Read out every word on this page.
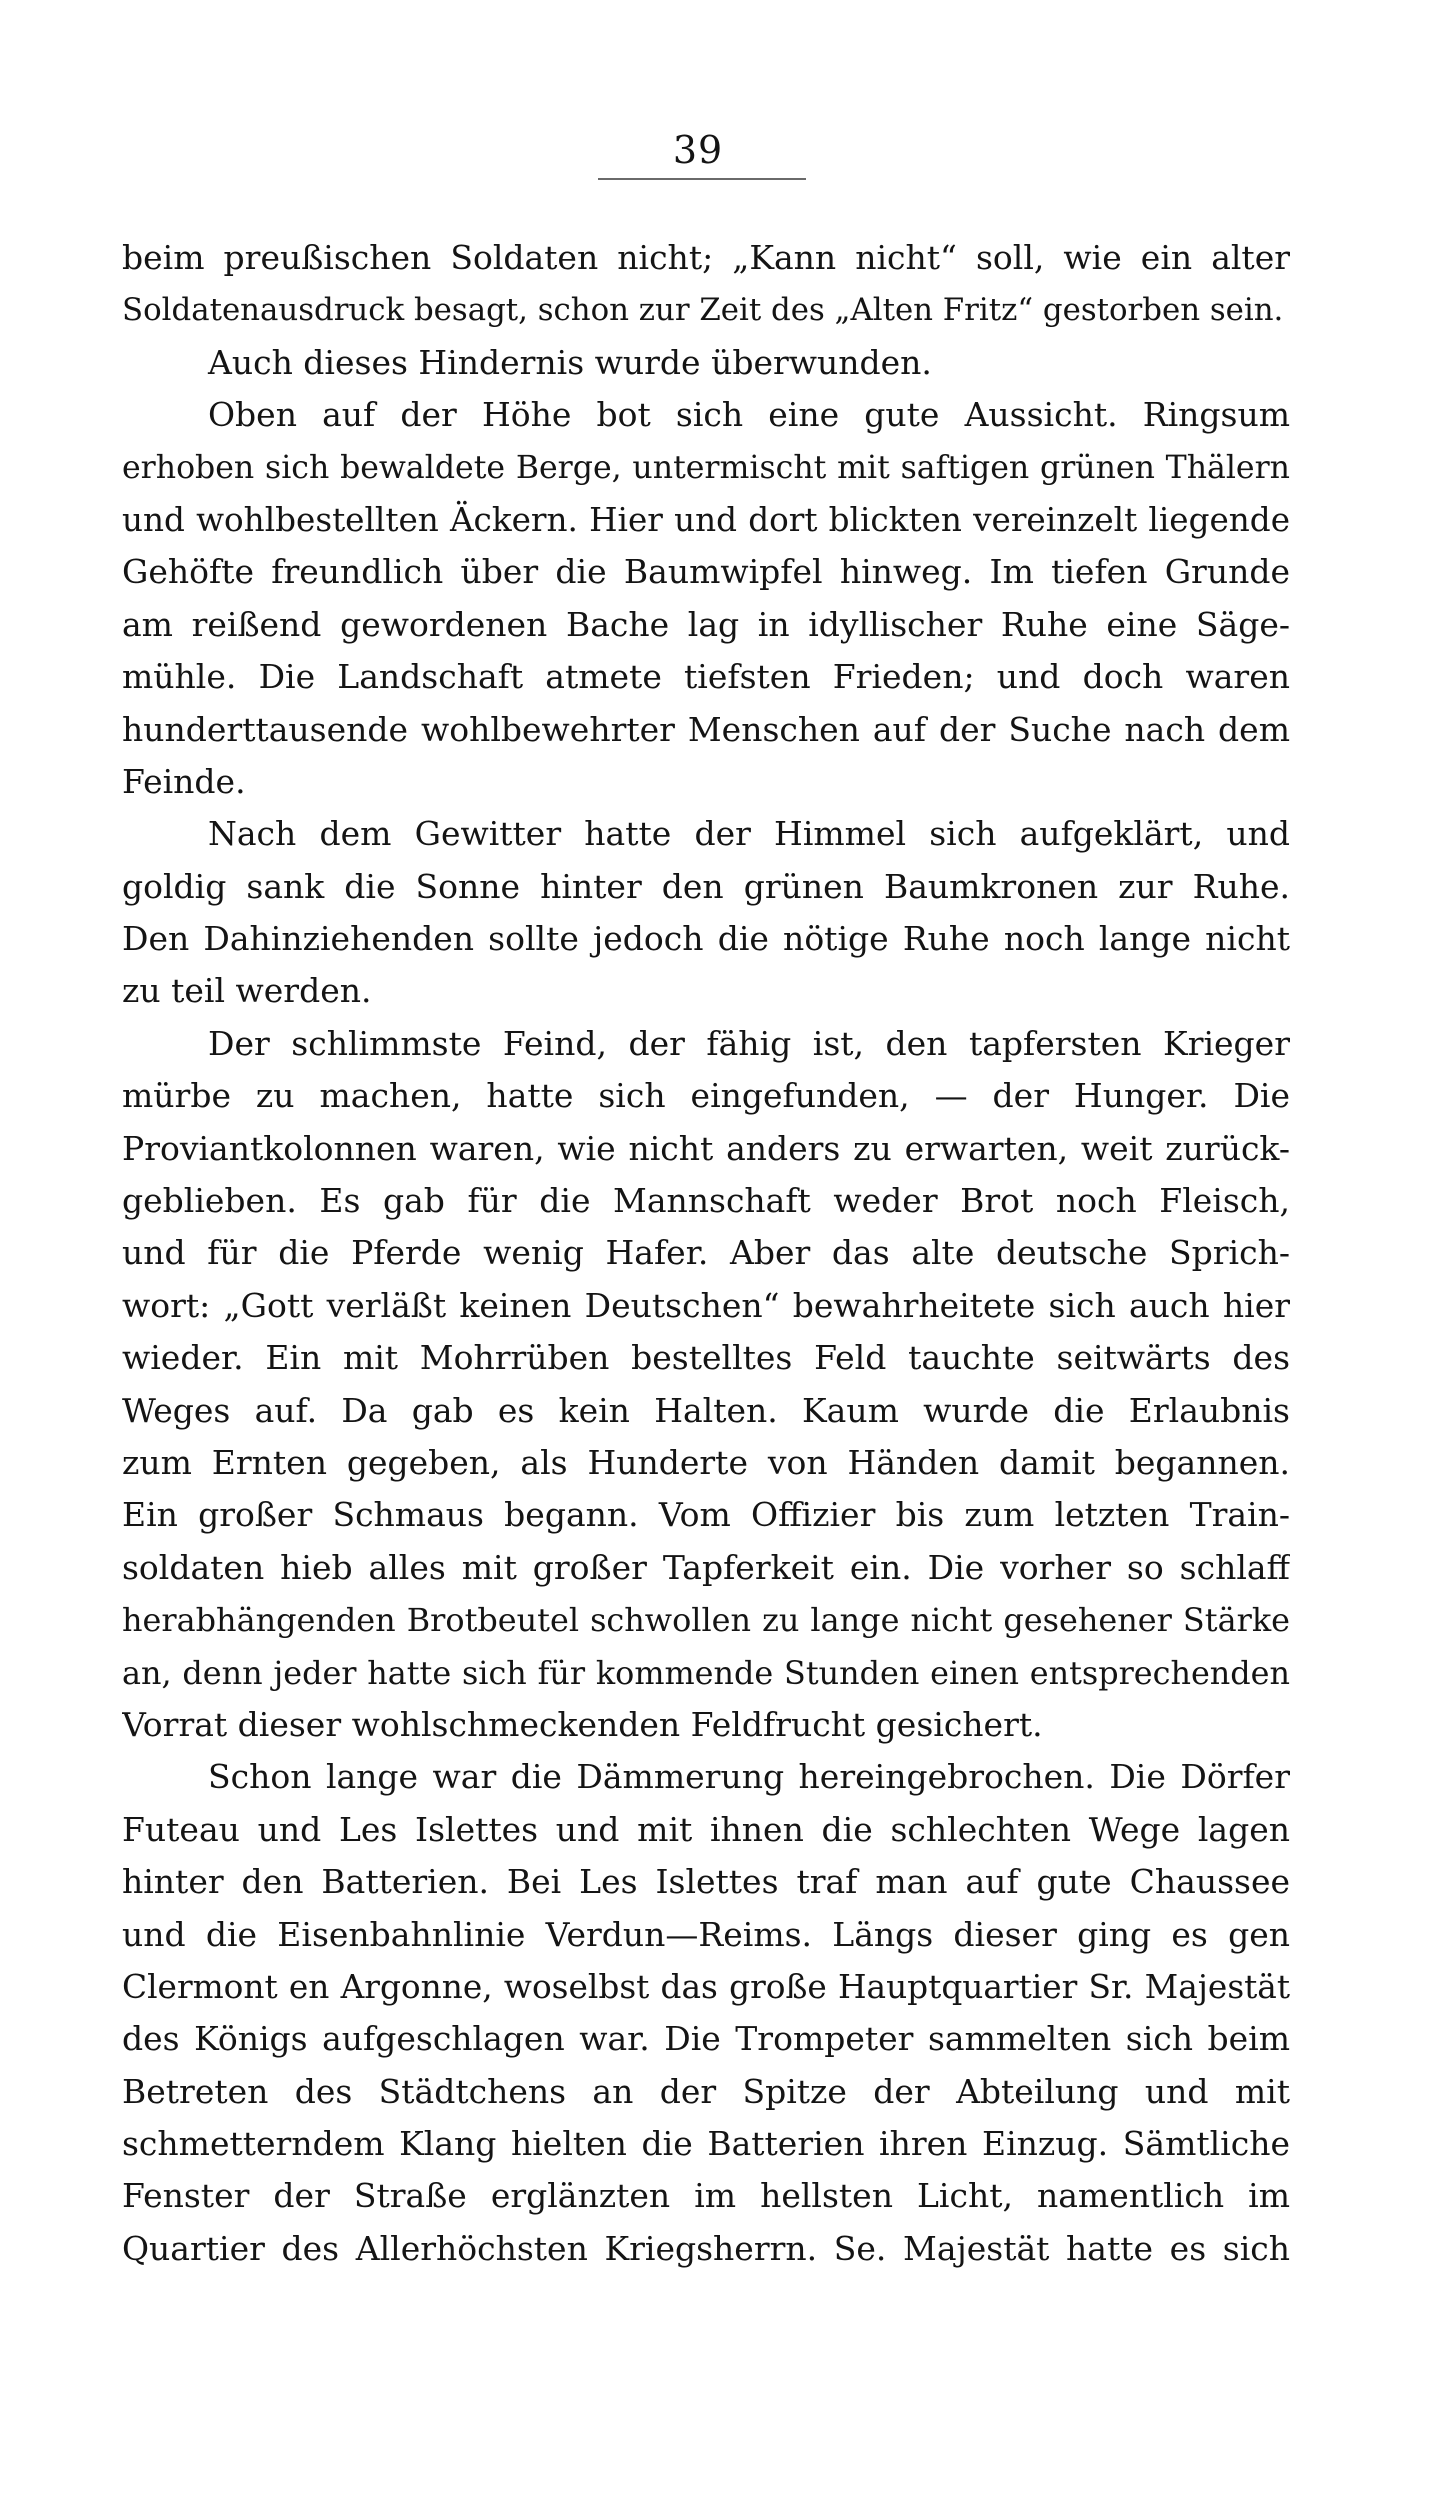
39
beim preußischen Soldaten nicht; „Kann nicht“ soll, wie ein alter
Soldatenausdruck besagt, schon zur Zeit des „Alten Fritz“ gestorben sein.
Auch dieses Hindernis wurde überwunden.
Oben auf der Höhe bot sich eine gute Aussicht. Ringsum
erhoben sich bewaldete Berge, untermischt mit saftigen grünen Thälern
und wohlbestellten Äckern. Hier und dort blickten vereinzelt liegende
Gehöfte freundlich über die Baumwipfel hinweg. Im tiefen Grunde
am reißend gewordenen Bache lag in idyllischer Ruhe eine Säge-
mühle. Die Landschaft atmete tiefsten Frieden; und doch waren
hunderttausende wohlbewehrter Menschen auf der Suche nach dem
Feinde.
Nach dem Gewitter hatte der Himmel sich aufgeklärt, und
goldig sank die Sonne hinter den grünen Baumkronen zur Ruhe.
Den Dahinziehenden sollte jedoch die nötige Ruhe noch lange nicht
zu teil werden.
Der schlimmste Feind, der fähig ist, den tapfersten Krieger
mürbe zu machen, hatte sich eingefunden, — der Hunger. Die
Proviantkolonnen waren, wie nicht anders zu erwarten, weit zurück-
geblieben. Es gab für die Mannschaft weder Brot noch Fleisch,
und für die Pferde wenig Hafer. Aber das alte deutsche Sprich-
wort: „Gott verläßt keinen Deutschen“ bewahrheitete sich auch hier
wieder. Ein mit Mohrrüben bestelltes Feld tauchte seitwärts des
Weges auf. Da gab es kein Halten. Kaum wurde die Erlaubnis
zum Ernten gegeben, als Hunderte von Händen damit begannen.
Ein großer Schmaus begann. Vom Offizier bis zum letzten Train-
soldaten hieb alles mit großer Tapferkeit ein. Die vorher so schlaff
herabhängenden Brotbeutel schwollen zu lange nicht gesehener Stärke
an, denn jeder hatte sich für kommende Stunden einen entsprechenden
Vorrat dieser wohlschmeckenden Feldfrucht gesichert.
Schon lange war die Dämmerung hereingebrochen. Die Dörfer
Futeau und Les Islettes und mit ihnen die schlechten Wege lagen
hinter den Batterien. Bei Les Islettes traf man auf gute Chaussee
und die Eisenbahnlinie Verdun—Reims. Längs dieser ging es gen
Clermont en Argonne, woselbst das große Hauptquartier Sr. Majestät
des Königs aufgeschlagen war. Die Trompeter sammelten sich beim
Betreten des Städtchens an der Spitze der Abteilung und mit
schmetterndem Klang hielten die Batterien ihren Einzug. Sämtliche
Fenster der Straße erglänzten im hellsten Licht, namentlich im
Quartier des Allerhöchsten Kriegsherrn. Se. Majestät hatte es sich
